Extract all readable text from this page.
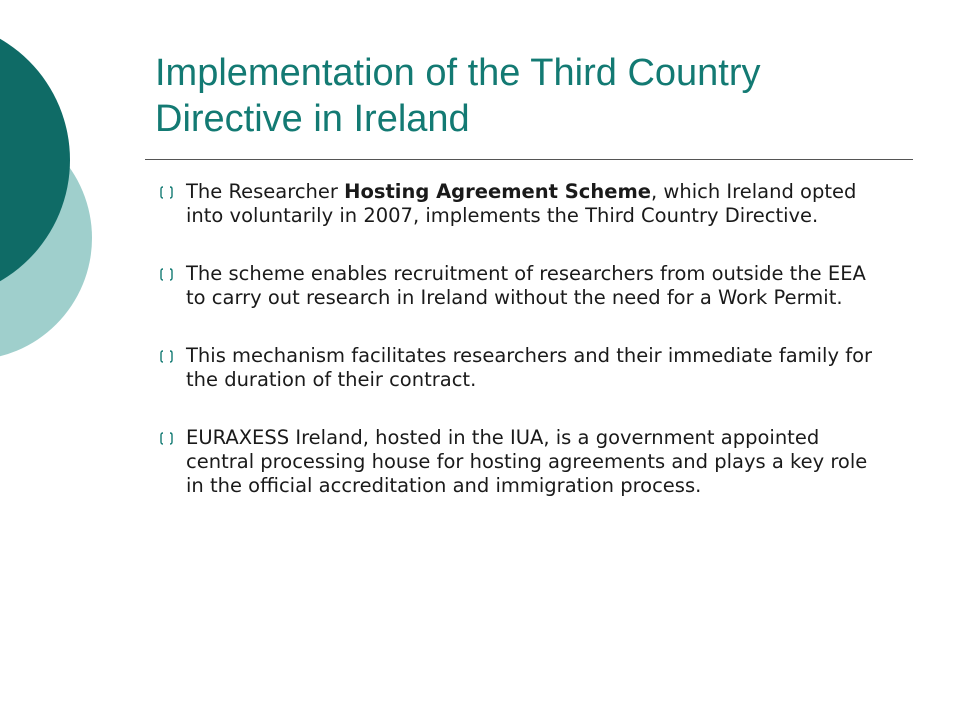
Implementation of the Third Country Directive in Ireland
The Researcher Hosting Agreement Scheme, which Ireland opted into voluntarily in 2007, implements the Third Country Directive.
The scheme enables recruitment of researchers from outside the EEA to carry out research in Ireland without the need for a Work Permit.
This mechanism facilitates researchers and their immediate family for the duration of their contract.
EURAXESS Ireland, hosted in the IUA, is a government appointed central processing house for hosting agreements and plays a key role in the official accreditation and immigration process.
